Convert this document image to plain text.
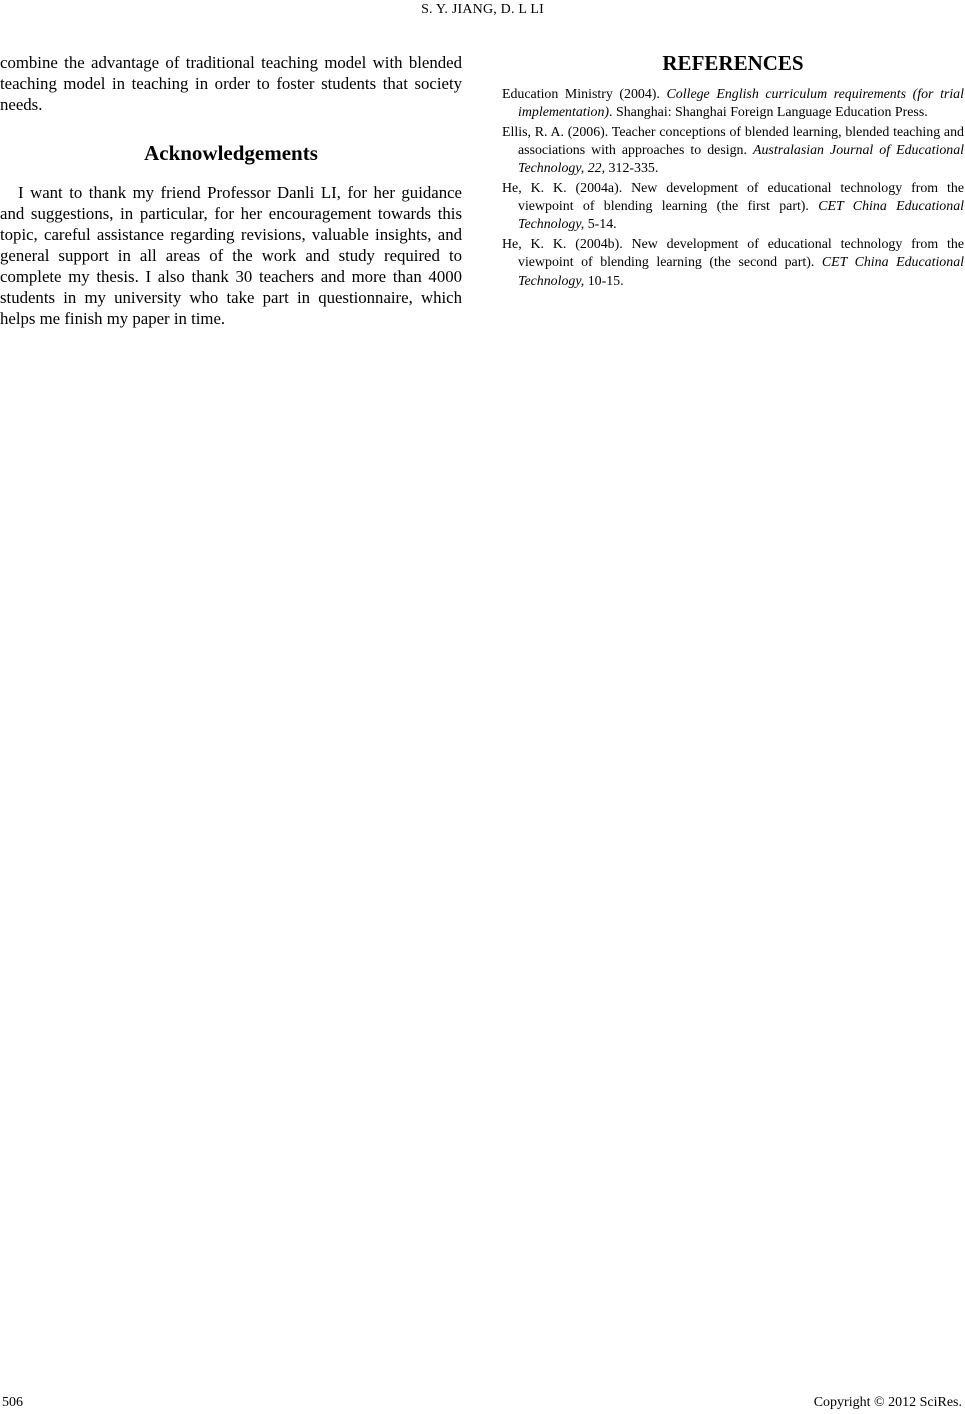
S. Y. JIANG, D. L LI

combine the advantage of traditional teaching model with blended teaching model in teaching in order to foster students that society needs.

Acknowledgements

I want to thank my friend Professor Danli LI, for her guidance and suggestions, in particular, for her encouragement towards this topic, careful assistance regarding revisions, valuable insights, and general support in all areas of the work and study required to complete my thesis. I also thank 30 teachers and more than 4000 students in my university who take part in questionnaire, which helps me finish my paper in time.

REFERENCES
Education Ministry (2004). College English curriculum requirements (for trial implementation). Shanghai: Shanghai Foreign Language Education Press.
Ellis, R. A. (2006). Teacher conceptions of blended learning, blended teaching and associations with approaches to design. Australasian Journal of Educational Technology, 22, 312-335.
He, K. K. (2004a). New development of educational technology from the viewpoint of blending learning (the first part). CET China Educational Technology, 5-14.
He, K. K. (2004b). New development of educational technology from the viewpoint of blending learning (the second part). CET China Educational Technology, 10-15.
506	Copyright © 2012 SciRes.
